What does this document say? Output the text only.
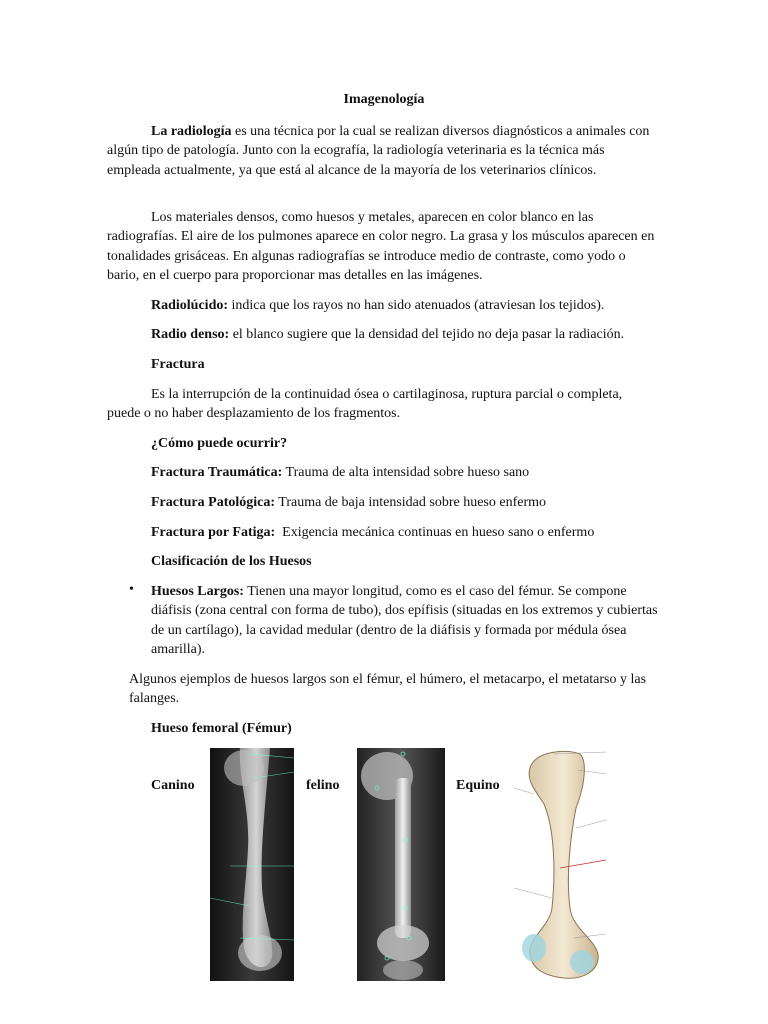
Imagenología
La radiología es una técnica por la cual se realizan diversos diagnósticos a animales con algún tipo de patología. Junto con la ecografía, la radiología veterinaria es la técnica más empleada actualmente, ya que está al alcance de la mayoría de los veterinarios clínicos.
Los materiales densos, como huesos y metales, aparecen en color blanco en las radiografías. El aire de los pulmones aparece en color negro. La grasa y los músculos aparecen en tonalidades grisáceas. En algunas radiografías se introduce medio de contraste, como yodo o bario, en el cuerpo para proporcionar mas detalles en las imágenes.
Radiolúcido: indica que los rayos no han sido atenuados (atraviesan los tejidos).
Radio denso: el blanco sugiere que la densidad del tejido no deja pasar la radiación.
Fractura
Es la interrupción de la continuidad ósea o cartilaginosa, ruptura parcial o completa, puede o no haber desplazamiento de los fragmentos.
¿Cómo puede ocurrir?
Fractura Traumática: Trauma de alta intensidad sobre hueso sano
Fractura Patológica: Trauma de baja intensidad sobre hueso enfermo
Fractura por Fatiga:  Exigencia mecánica continuas en hueso sano o enfermo
Clasificación de los Huesos
• Huesos Largos: Tienen una mayor longitud, como es el caso del fémur. Se compone diáfisis (zona central con forma de tubo), dos epífisis (situadas en los extremos y cubiertas de un cartílago), la cavidad medular (dentro de la diáfisis y formada por médula ósea amarilla).
Algunos ejemplos de huesos largos son el fémur, el húmero, el metacarpo, el metatarso y las falanges.
Hueso femoral (Fémur)
Canino	felino	Equino
